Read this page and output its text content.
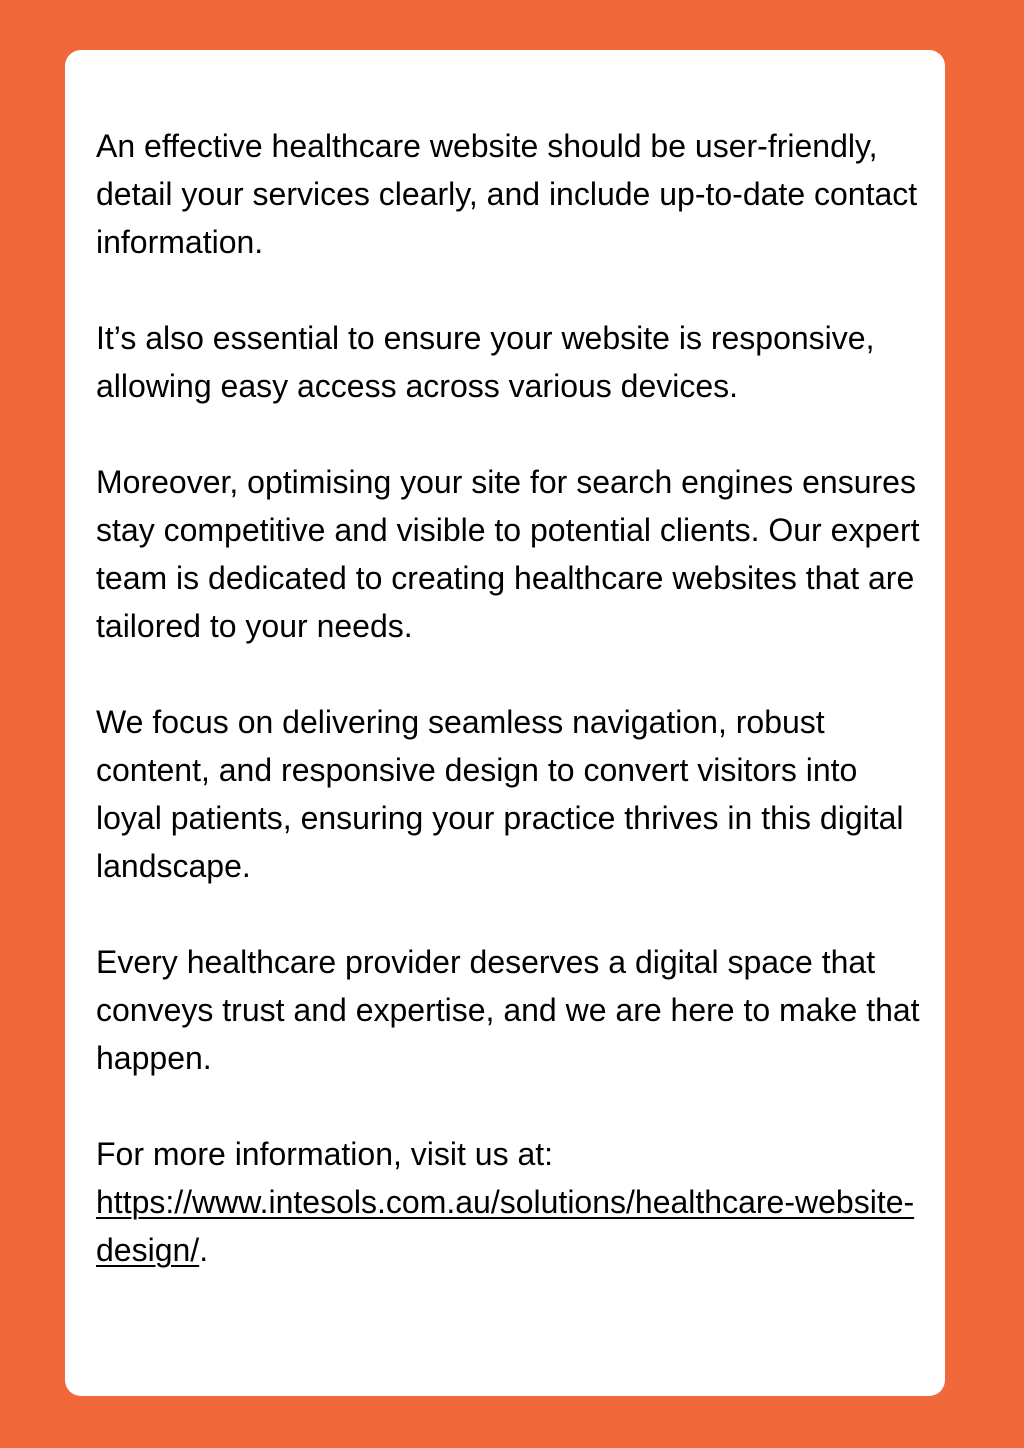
An effective healthcare website should be user-friendly, detail your services clearly, and include up-to-date contact information.

It’s also essential to ensure your website is responsive, allowing easy access across various devices.

Moreover, optimising your site for search engines ensures stay competitive and visible to potential clients. Our expert team is dedicated to creating healthcare websites that are tailored to your needs.

We focus on delivering seamless navigation, robust content, and responsive design to convert visitors into loyal patients, ensuring your practice thrives in this digital landscape.

Every healthcare provider deserves a digital space that conveys trust and expertise, and we are here to make that happen.

For more information, visit us at:
https://www.intesols.com.au/solutions/healthcare-website-design/.
